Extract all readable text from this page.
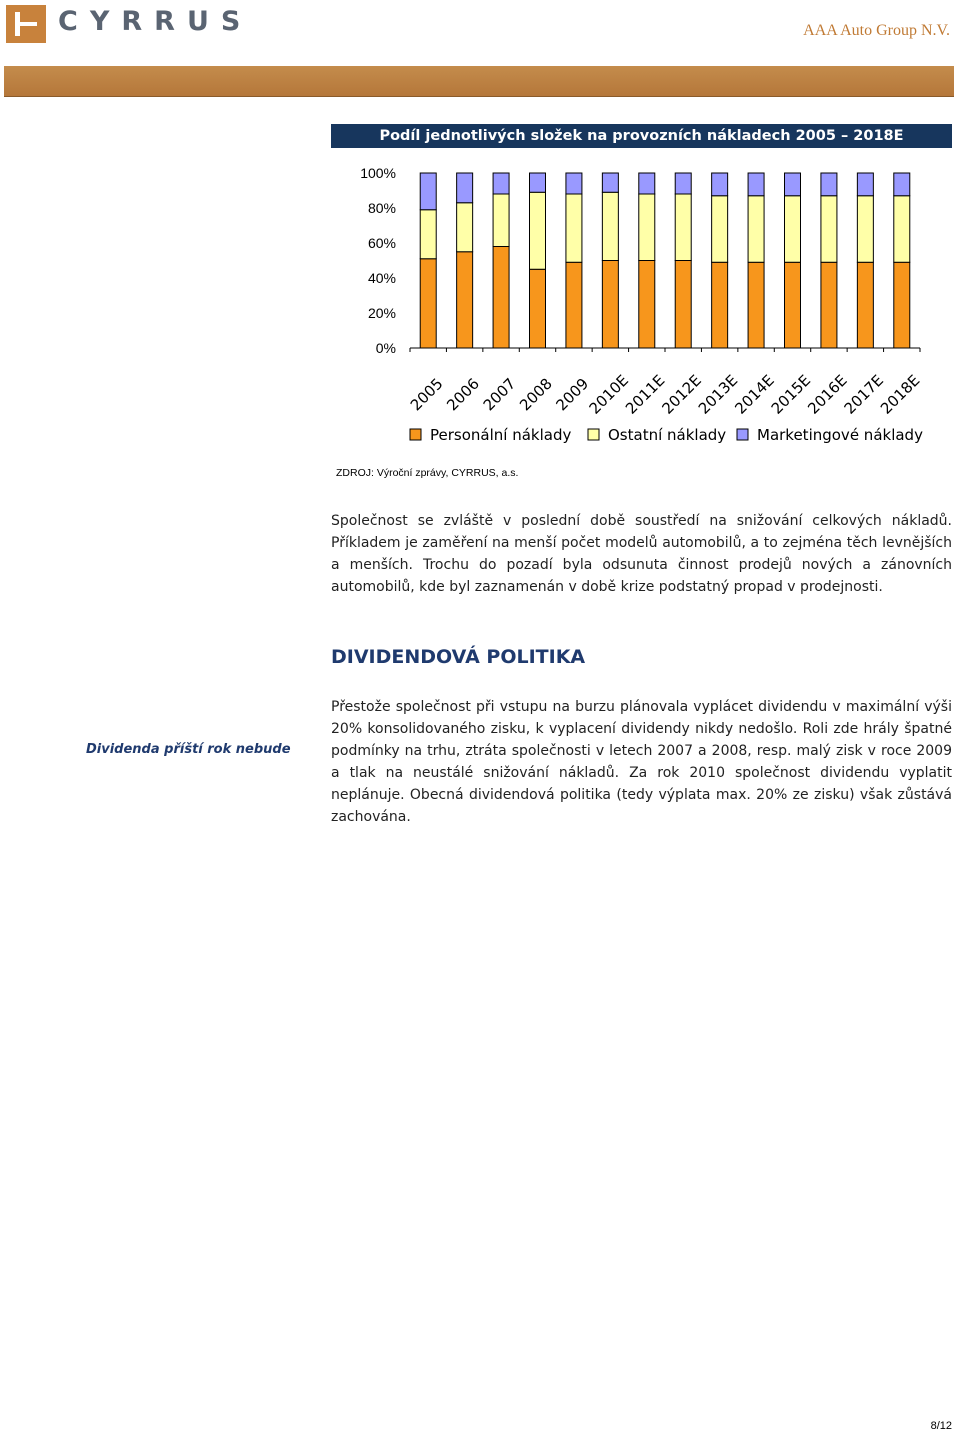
CYRRUS	AAA Auto Group N.V.
Podíl jednotlivých složek na provozních nákladech 2005 – 2018E
100%
80%
60%
40%
20%
0%
2005
2006
2007
2008
2009
2010E
2011E
2012E
2013E
2014E
2015E
2016E
2017E
2018E
Personální náklady Ostatní náklady Marketingové náklady
ZDROJ: Výroční zprávy, CYRRUS, a.s.
Společnost se zvláště v poslední době soustředí na snižování celkových nákladů. Příkladem je zaměření na menší počet modelů automobilů, a to zejména těch levnějších a menších. Trochu do pozadí byla odsunuta činnost prodejů nových a zánovních automobilů, kde byl zaznamenán v době krize podstatný propad v prodejnosti.
DIVIDENDOVÁ POLITIKA
Dividenda příští rok nebude
Přestože společnost při vstupu na burzu plánovala vyplácet dividendu v maximální výši 20% konsolidovaného zisku, k vyplacení dividendy nikdy nedošlo. Roli zde hrály špatné podmínky na trhu, ztráta společnosti v letech 2007 a 2008, resp. malý zisk v roce 2009 a tlak na neustálé snižování nákladů. Za rok 2010 společnost dividendu vyplatit neplánuje. Obecná dividendová politika (tedy výplata max. 20% ze zisku) však zůstává zachována.
8/12
